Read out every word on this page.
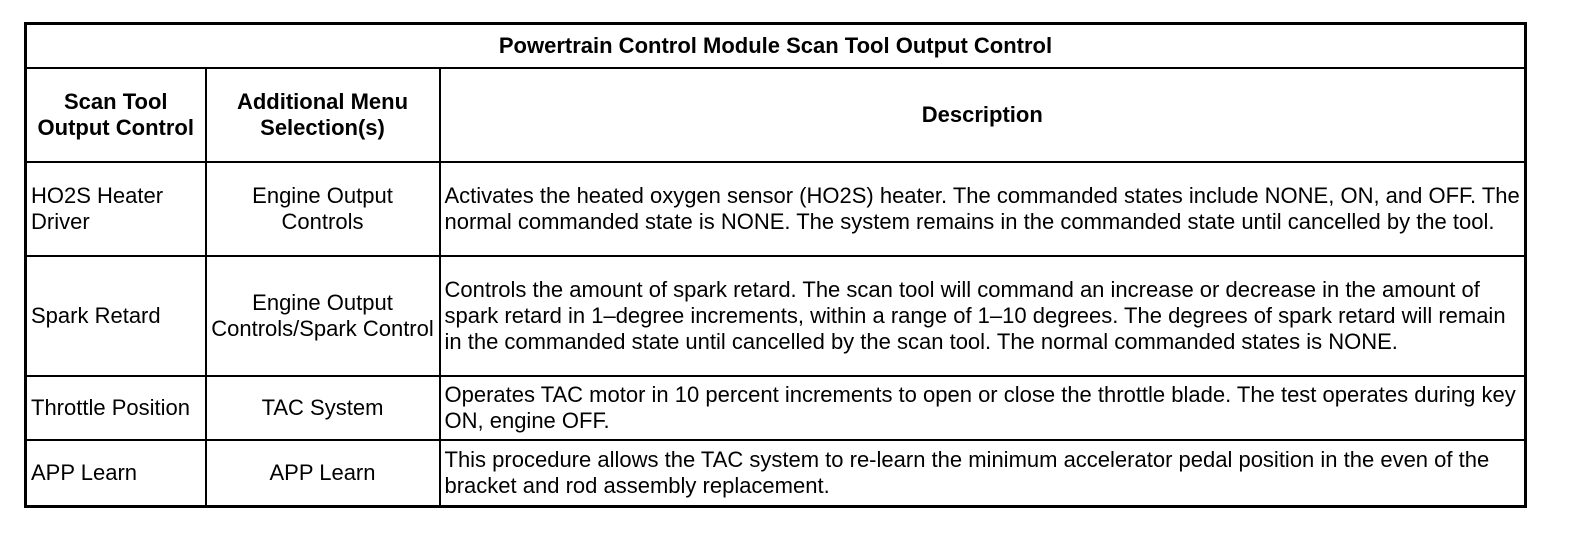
Powertrain Control Module Scan Tool Output Control		
Scan Tool Output Control	Additional Menu Selection(s)	Description
HO2S Heater Driver	Engine Output Controls	Activates the heated oxygen sensor (HO2S) heater. The commanded states include NONE, ON, and OFF. The normal commanded state is NONE. The system remains in the commanded state until cancelled by the tool.
Spark Retard	Engine Output Controls/Spark Control	Controls the amount of spark retard. The scan tool will command an increase or decrease in the amount of spark retard in 1–degree increments, within a range of 1–10 degrees. The degrees of spark retard will remain in the commanded state until cancelled by the scan tool. The normal commanded states is NONE.
Throttle Position	TAC System	Operates TAC motor in 10 percent increments to open or close the throttle blade. The test operates during key ON, engine OFF.
APP Learn	APP Learn	This procedure allows the TAC system to re-learn the minimum accelerator pedal position in the even of the bracket and rod assembly replacement.
